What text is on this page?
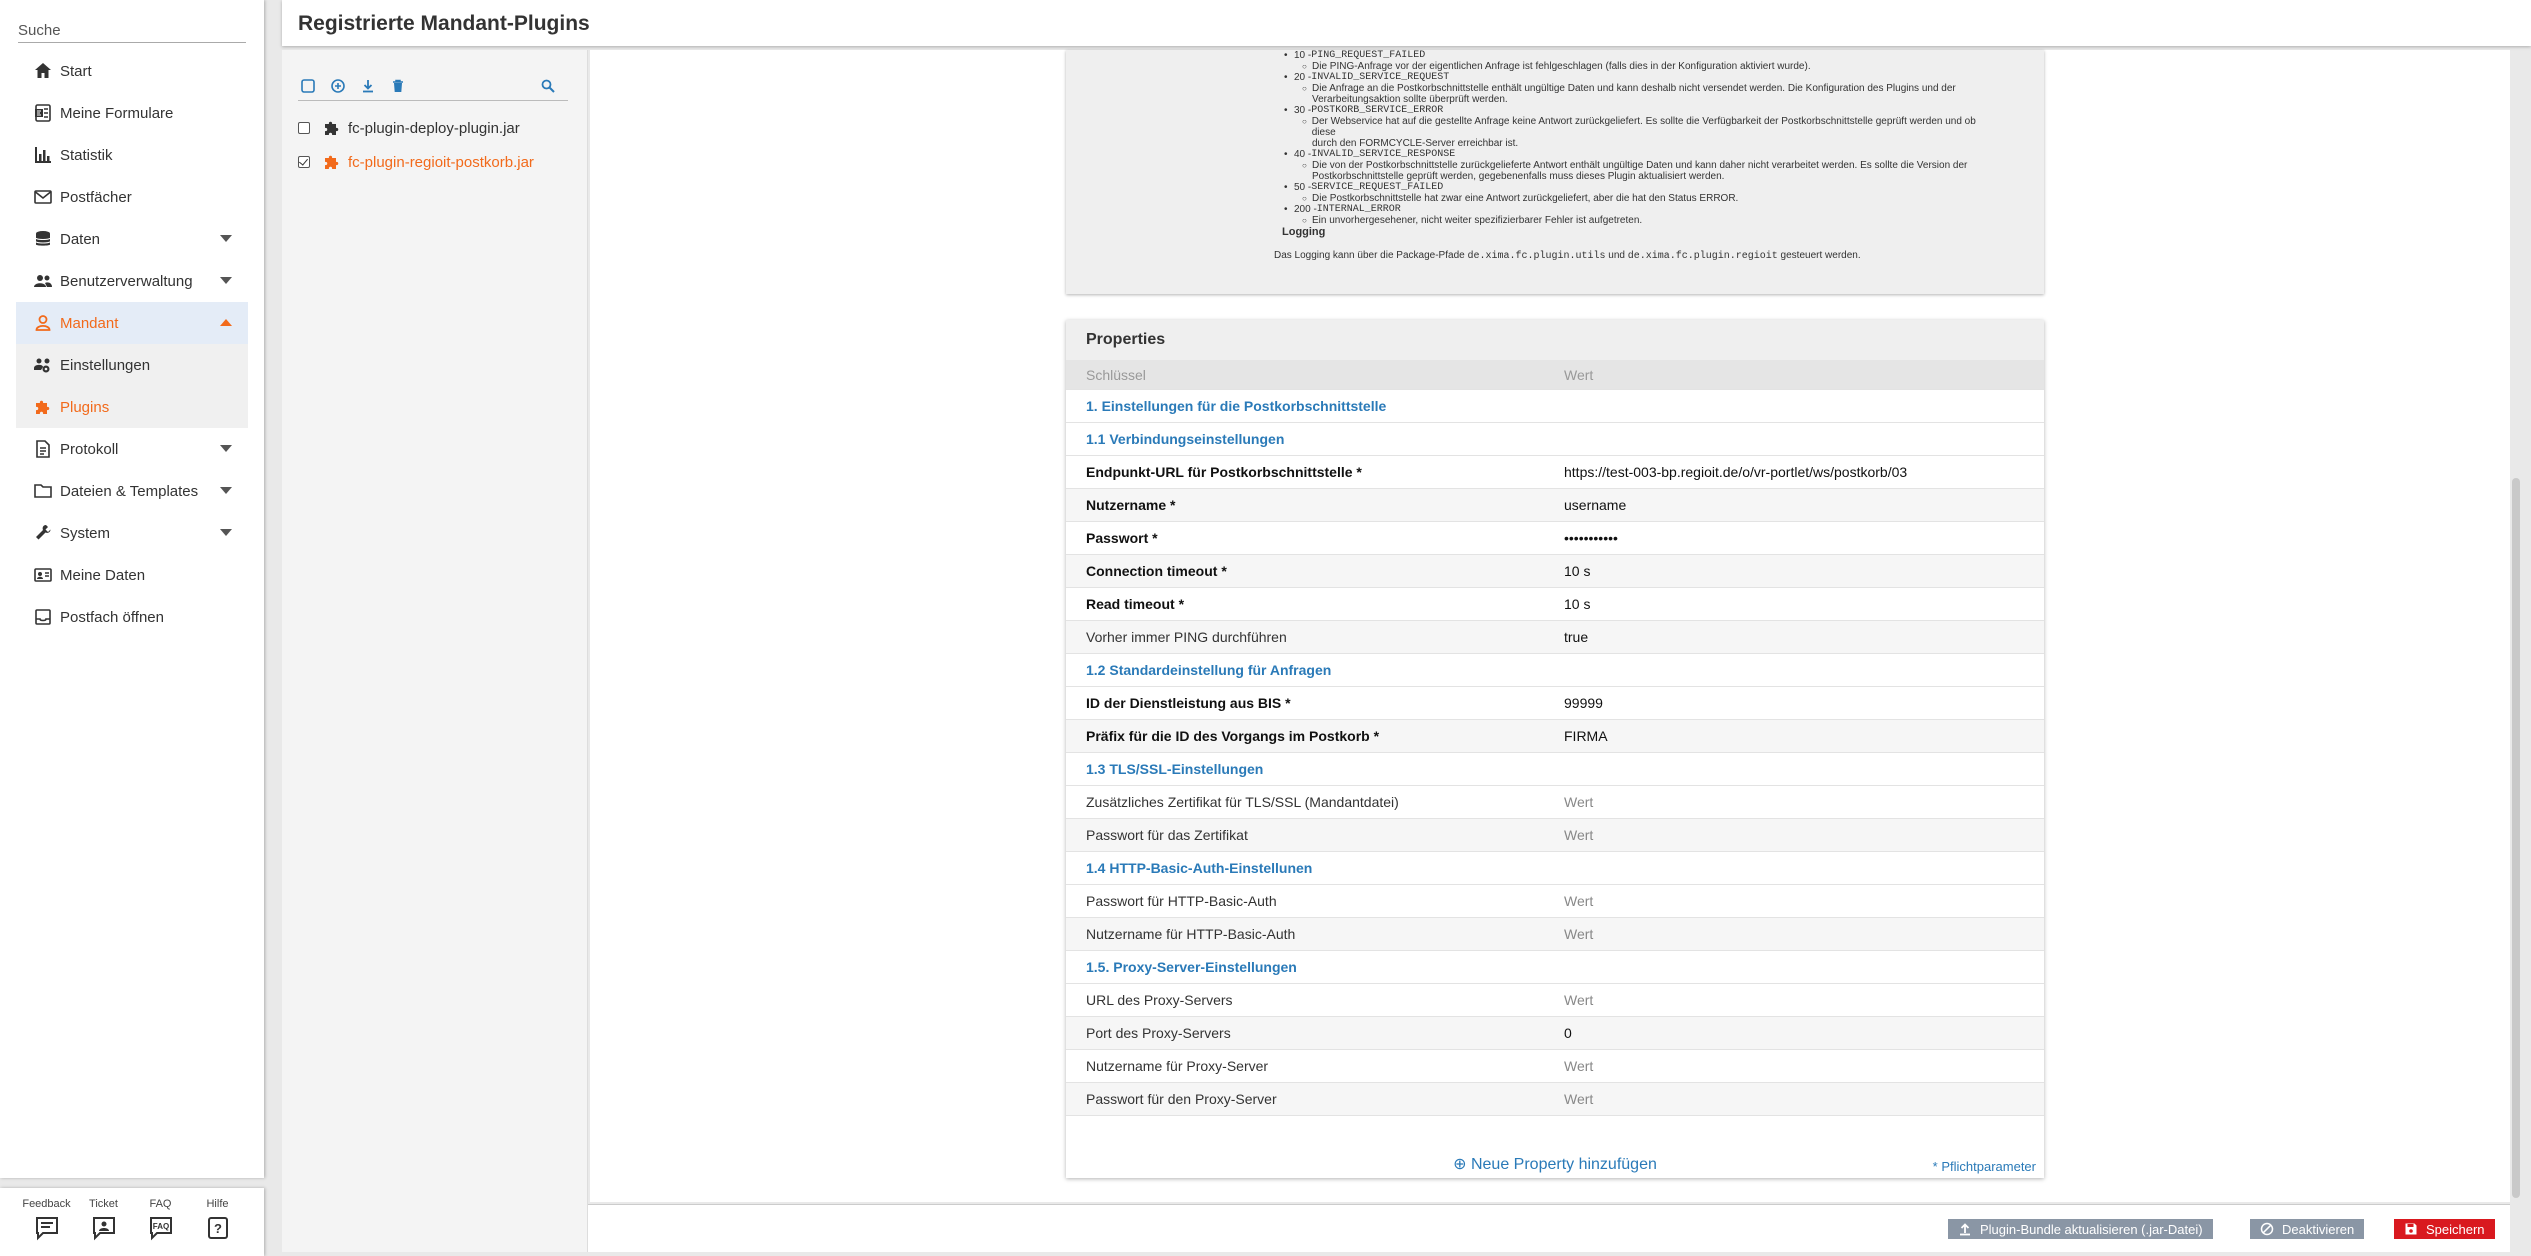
Suche
Start
Meine Formulare
Statistik
Postfächer
Daten
Benutzerverwaltung
Mandant
Einstellungen
Plugins
Protokoll
Dateien & Templates
System
Meine Daten
Postfach öffnen
Feedback Ticket	FAQ
FAQ
Hilfe
?
Registrierte Mandant-Plugins
fc-plugin-deploy-plugin.jar
fc-plugin-regioit-postkorb.jar
• 10 - PING_REQUEST_FAILED
○ Die PING-Anfrage vor der eigentlichen Anfrage ist fehlgeschlagen (falls dies in der Konfiguration aktiviert wurde).
• 20 - INVALID_SERVICE_REQUEST
○ Die Anfrage an die Postkorbschnittstelle enthält ungültige Daten und kann deshalb nicht versendet werden. Die Konfiguration des Plugins und der
Verarbeitungsaktion sollte überprüft werden.
• 30 - POSTKORB_SERVICE_ERROR
○ Der Webservice hat auf die gestellte Anfrage keine Antwort zurückgeliefert. Es sollte die Verfügbarkeit der Postkorbschnittstelle geprüft werden und ob diese
durch den FORMCYCLE-Server erreichbar ist.
• 40 - INVALID_SERVICE_RESPONSE
○ Die von der Postkorbschnittstelle zurückgelieferte Antwort enthält ungültige Daten und kann daher nicht verarbeitet werden. Es sollte die Version der
Postkorbschnittstelle geprüft werden, gegebenenfalls muss dieses Plugin aktualisiert werden.
• 50 - SERVICE_REQUEST_FAILED
○ Die Postkorbschnittstelle hat zwar eine Antwort zurückgeliefert, aber die hat den Status ERROR.
• 200 - INTERNAL_ERROR
○ Ein unvorhergesehener, nicht weiter spezifizierbarer Fehler ist aufgetreten.
Logging
Das Logging kann über die Package-Pfade de.xima.fc.plugin.utils und de.xima.fc.plugin.regioit gesteuert werden.
Properties
Schlüssel	Wert
1. Einstellungen für die Postkorbschnittstelle
1.1 Verbindungseinstellungen
Endpunkt-URL für Postkorbschnittstelle *	https://test-003-bp.regioit.de/o/vr-portlet/ws/postkorb/03
Nutzername *	username
Passwort *	•••••••••••
Connection timeout *	10 s
Read timeout *	10 s
Vorher immer PING durchführen	true
1.2 Standardeinstellung für Anfragen
ID der Dienstleistung aus BIS *	99999
Präfix für die ID des Vorgangs im Postkorb *	FIRMA
1.3 TLS/SSL-Einstellungen
Zusätzliches Zertifikat für TLS/SSL (Mandantdatei)	Wert
Passwort für das Zertifikat	Wert
1.4 HTTP-Basic-Auth-Einstellunen
Passwort für HTTP-Basic-Auth	Wert
Nutzername für HTTP-Basic-Auth	Wert
1.5. Proxy-Server-Einstellungen
URL des Proxy-Servers	Wert
Port des Proxy-Servers	0
Nutzername für Proxy-Server	Wert
Passwort für den Proxy-Server	Wert
⊕ Neue Property hinzufügen	* Pflichtparameter
Plugin-Bundle aktualisieren (.jar-Datei)	Deaktivieren	Speichern
